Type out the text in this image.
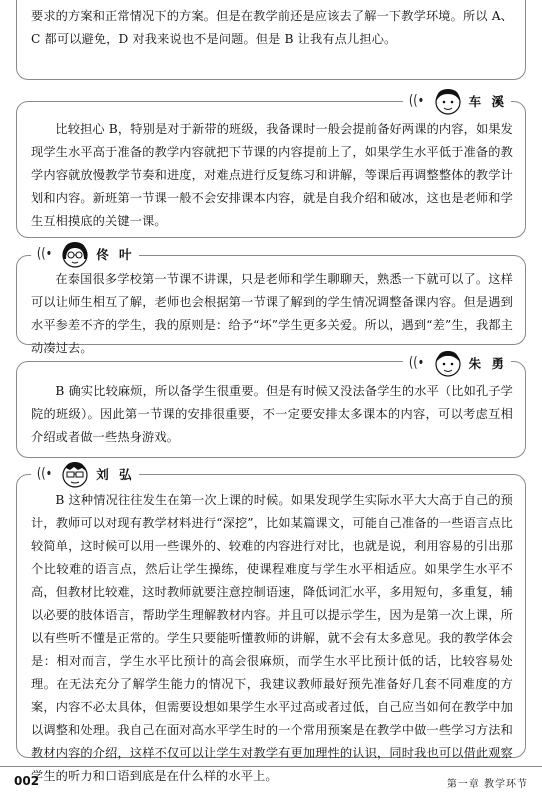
要求的方案和正常情况下的方案。但是在教学前还是应该去了解一下教学环境。所以 A、C 都可以避免，D 对我来说也不是问题。但是 B 让我有点儿担心。

((•	车 溪

比较担心 B，特别是对于新带的班级，我备课时一般会提前备好两课的内容，如果发现学生水平高于准备的教学内容就把下节课的内容提前上了，如果学生水平低于准备的教学内容就放慢教学节奏和进度，对难点进行反复练习和讲解，等课后再调整整体的教学计划和内容。新班第一节课一般不会安排课本内容，就是自我介绍和破冰，这也是老师和学生互相摸底的关键一课。

((•	佟 叶

在泰国很多学校第一节课不讲课，只是老师和学生聊聊天，熟悉一下就可以了。这样可以让师生相互了解，老师也会根据第一节课了解到的学生情况调整备课内容。但是遇到水平参差不齐的学生，我的原则是：给予“坏”学生更多关爱。所以，遇到“差”生，我都主动凑过去。

((•	朱 勇

B 确实比较麻烦，所以备学生很重要。但是有时候又没法备学生的水平（比如孔子学院的班级）。因此第一节课的安排很重要，不一定要安排太多课本的内容，可以考虑互相介绍或者做一些热身游戏。

((•	刘 弘

B 这种情况往往发生在第一次上课的时候。如果发现学生实际水平大大高于自己的预计，教师可以对现有教学材料进行“深挖”，比如某篇课文，可能自己准备的一些语言点比较简单，这时候可以用一些课外的、较难的内容进行对比，也就是说，利用容易的引出那个比较难的语言点，然后让学生操练，使课程难度与学生水平相适应。如果学生水平不高，但教材比较难，这时教师就要注意控制语速，降低词汇水平，多用短句，多重复，辅以必要的肢体语言，帮助学生理解教材内容。并且可以提示学生，因为是第一次上课，所以有些听不懂是正常的。学生只要能听懂教师的讲解，就不会有太多意见。我的教学体会是：相对而言，学生水平比预计的高会很麻烦，而学生水平比预计低的话，比较容易处理。在无法充分了解学生能力的情况下，我建议教师最好预先准备好几套不同难度的方案，内容不必太具体，但需要设想如果学生水平过高或者过低，自己应当如何在教学中加以调整和处理。我自己在面对高水平学生时的一个常用预案是在教学中做一些学习方法和教材内容的介绍，这样不仅可以让学生对教学有更加理性的认识，同时我也可以借此观察学生的听力和口语到底是在什么样的水平上。

002	第一章 教学环节
